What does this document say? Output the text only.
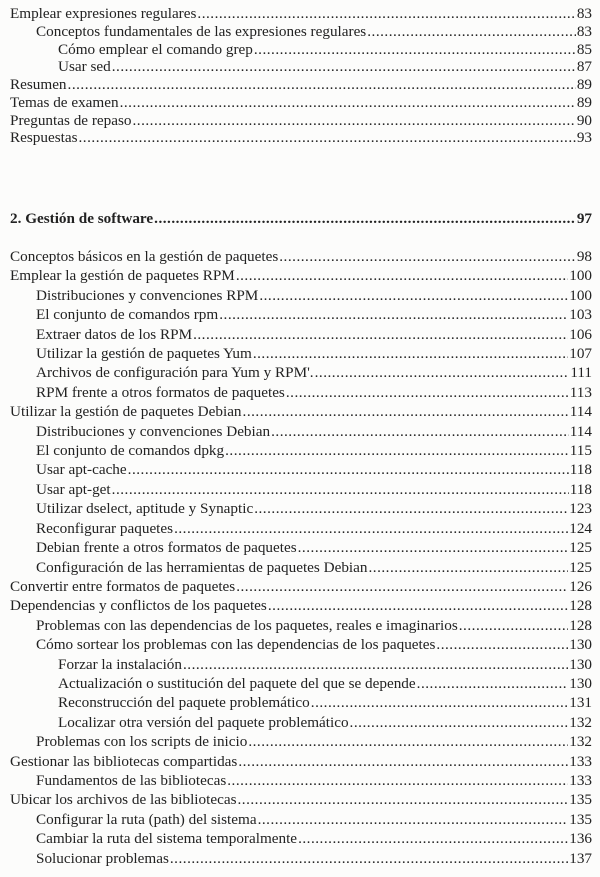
Emplear expresiones regulares .....	83
Conceptos fundamentales de las expresiones regulares .....	83
Cómo emplear el comando grep .....	85
Usar sed .....	87
Resumen .....	89
Temas de examen .....	89
Preguntas de repaso .....	90
Respuestas .....	93
2. Gestión de software .....	97
Conceptos básicos en la gestión de paquetes .....	98
Emplear la gestión de paquetes RPM .....	100
Distribuciones y convenciones RPM .....	100
El conjunto de comandos rpm .....	103
Extraer datos de los RPM .....	106
Utilizar la gestión de paquetes Yum .....	107
Archivos de configuración para Yum y RPM'. .....	111
RPM frente a otros formatos de paquetes .....	113
Utilizar la gestión de paquetes Debian .....	114
Distribuciones y convenciones Debian .....	114
El conjunto de comandos dpkg .....	115
Usar apt-cache .....	118
Usar apt-get .....	118
Utilizar dselect, aptitude y Synaptic .....	123
Reconfigurar paquetes .....	124
Debian frente a otros formatos de paquetes .....	125
Configuración de las herramientas de paquetes Debian .....	125
Convertir entre formatos de paquetes .....	126
Dependencias y conflictos de los paquetes .....	128
Problemas con las dependencias de los paquetes, reales e imaginarios .....	128
Cómo sortear los problemas con las dependencias de los paquetes .....	130
Forzar la instalación .....	130
Actualización o sustitución del paquete del que se depende .....	130
Reconstrucción del paquete problemático .....	131
Localizar otra versión del paquete problemático .....	132
Problemas con los scripts de inicio .....	132
Gestionar las bibliotecas compartidas .....	133
Fundamentos de las bibliotecas .....	133
Ubicar los archivos de las bibliotecas .....	135
Configurar la ruta (path) del sistema .....	135
Cambiar la ruta del sistema temporalmente .....	136
Solucionar problemas .....	137
